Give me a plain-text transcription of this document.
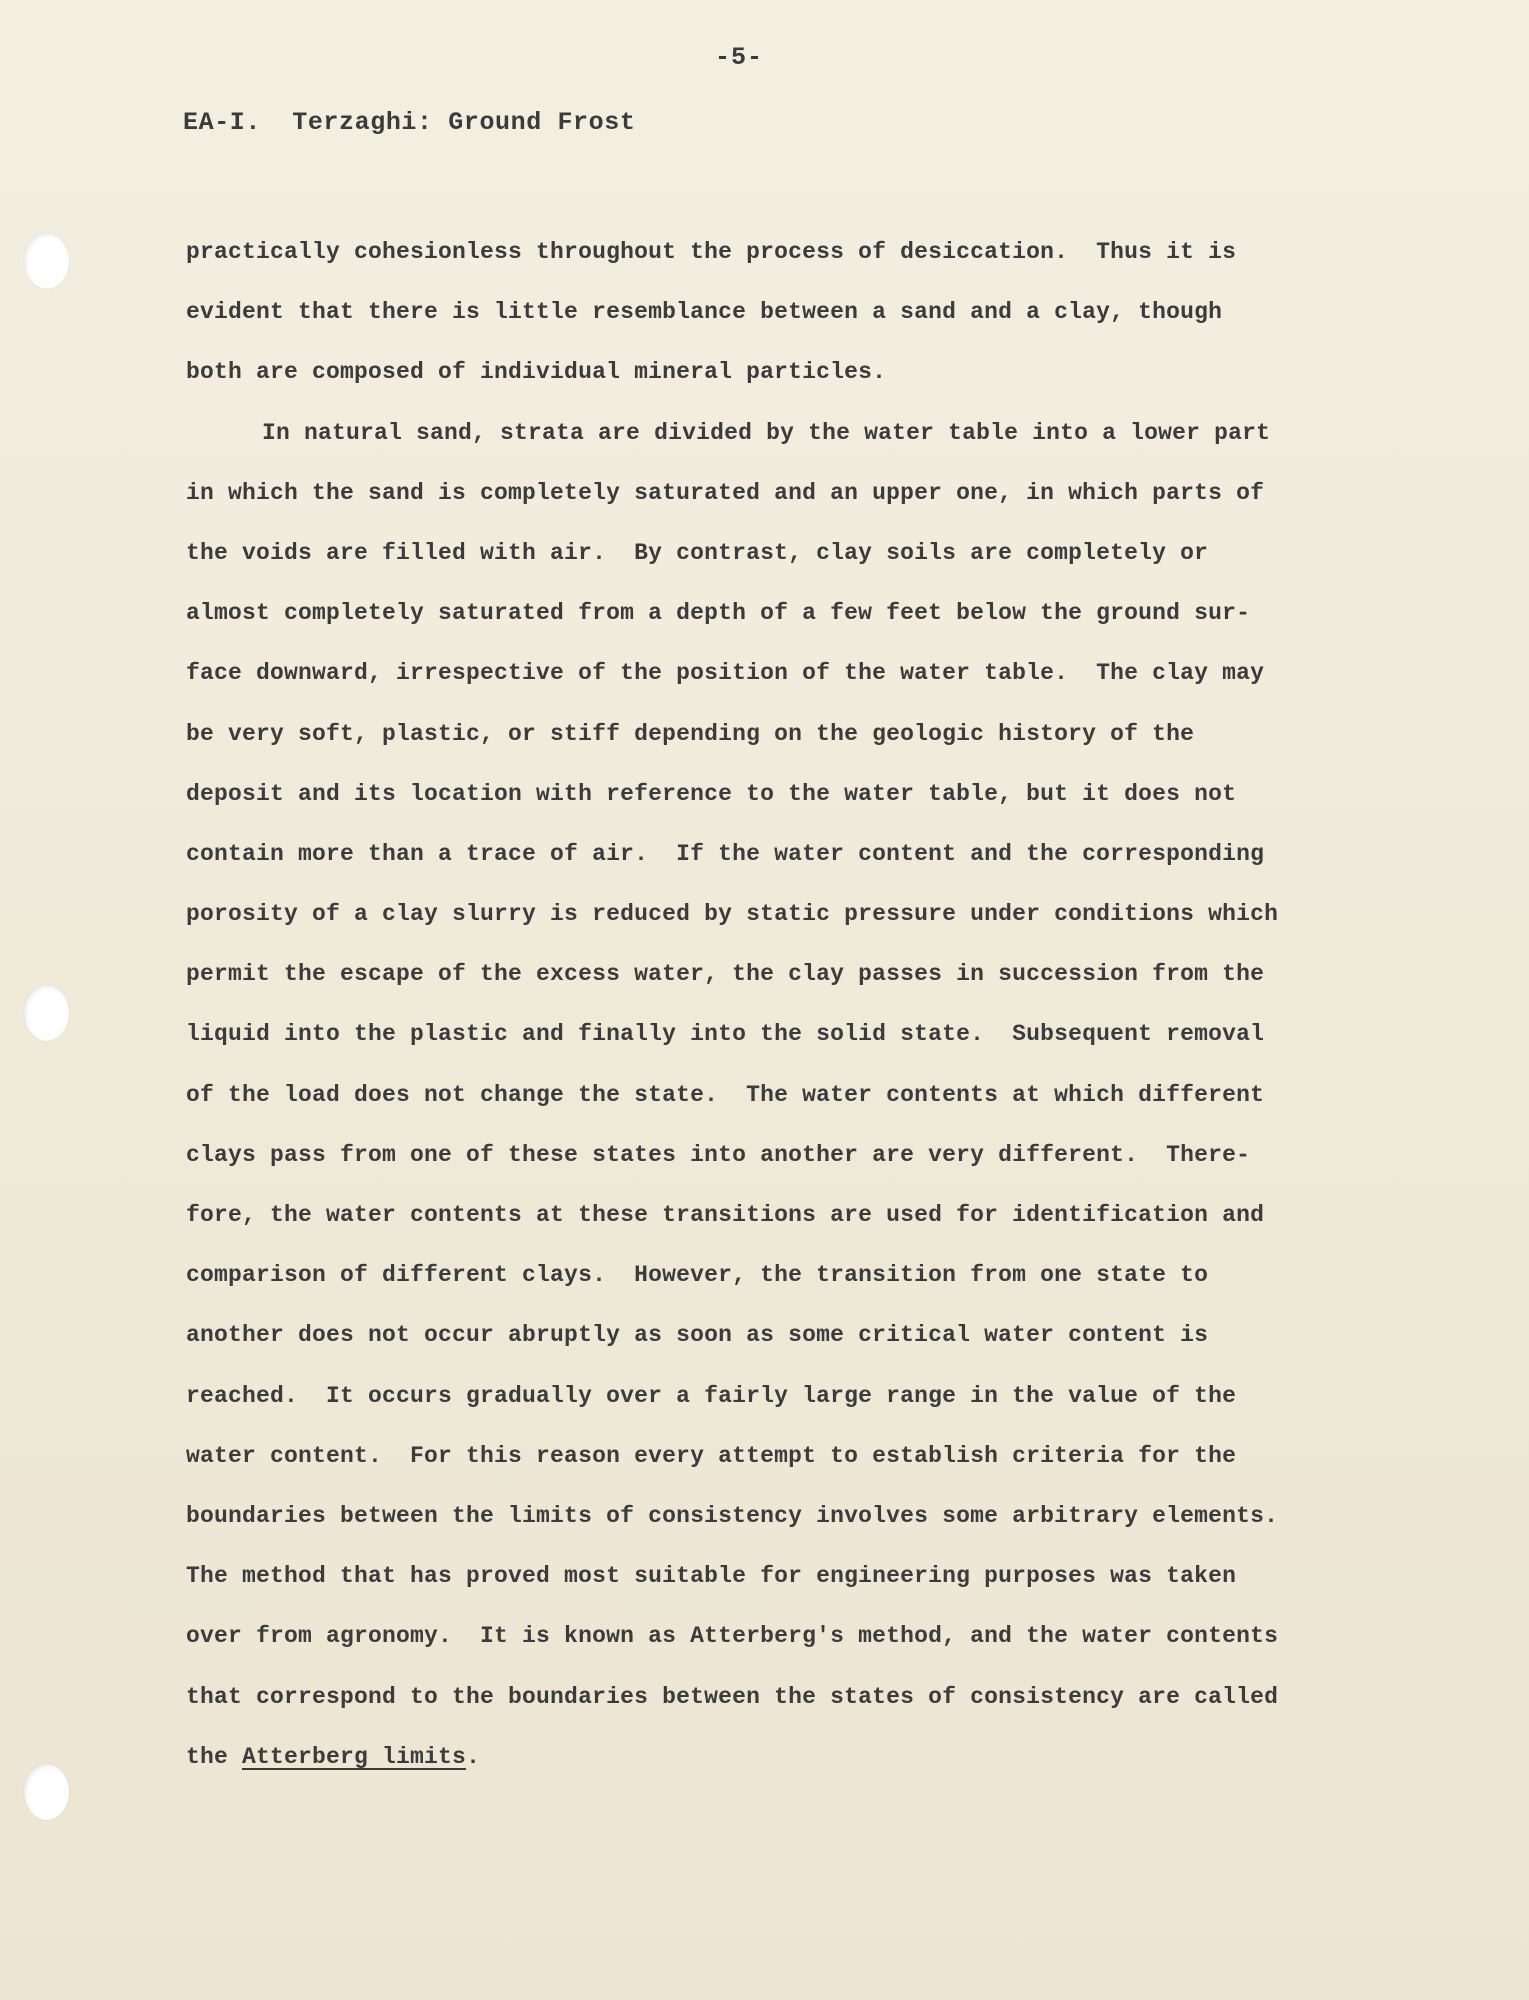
-5-
EA-I.  Terzaghi: Ground Frost
practically cohesionless throughout the process of desiccation.  Thus it is
evident that there is little resemblance between a sand and a clay, though
both are composed of individual mineral particles.
In natural sand, strata are divided by the water table into a lower part
in which the sand is completely saturated and an upper one, in which parts of
the voids are filled with air.  By contrast, clay soils are completely or
almost completely saturated from a depth of a few feet below the ground sur-
face downward, irrespective of the position of the water table.  The clay may
be very soft, plastic, or stiff depending on the geologic history of the
deposit and its location with reference to the water table, but it does not
contain more than a trace of air.  If the water content and the corresponding
porosity of a clay slurry is reduced by static pressure under conditions which
permit the escape of the excess water, the clay passes in succession from the
liquid into the plastic and finally into the solid state.  Subsequent removal
of the load does not change the state.  The water contents at which different
clays pass from one of these states into another are very different.  There-
fore, the water contents at these transitions are used for identification and
comparison of different clays.  However, the transition from one state to
another does not occur abruptly as soon as some critical water content is
reached.  It occurs gradually over a fairly large range in the value of the
water content.  For this reason every attempt to establish criteria for the
boundaries between the limits of consistency involves some arbitrary elements.
The method that has proved most suitable for engineering purposes was taken
over from agronomy.  It is known as Atterberg's method, and the water contents
that correspond to the boundaries between the states of consistency are called
the Atterberg limits.
